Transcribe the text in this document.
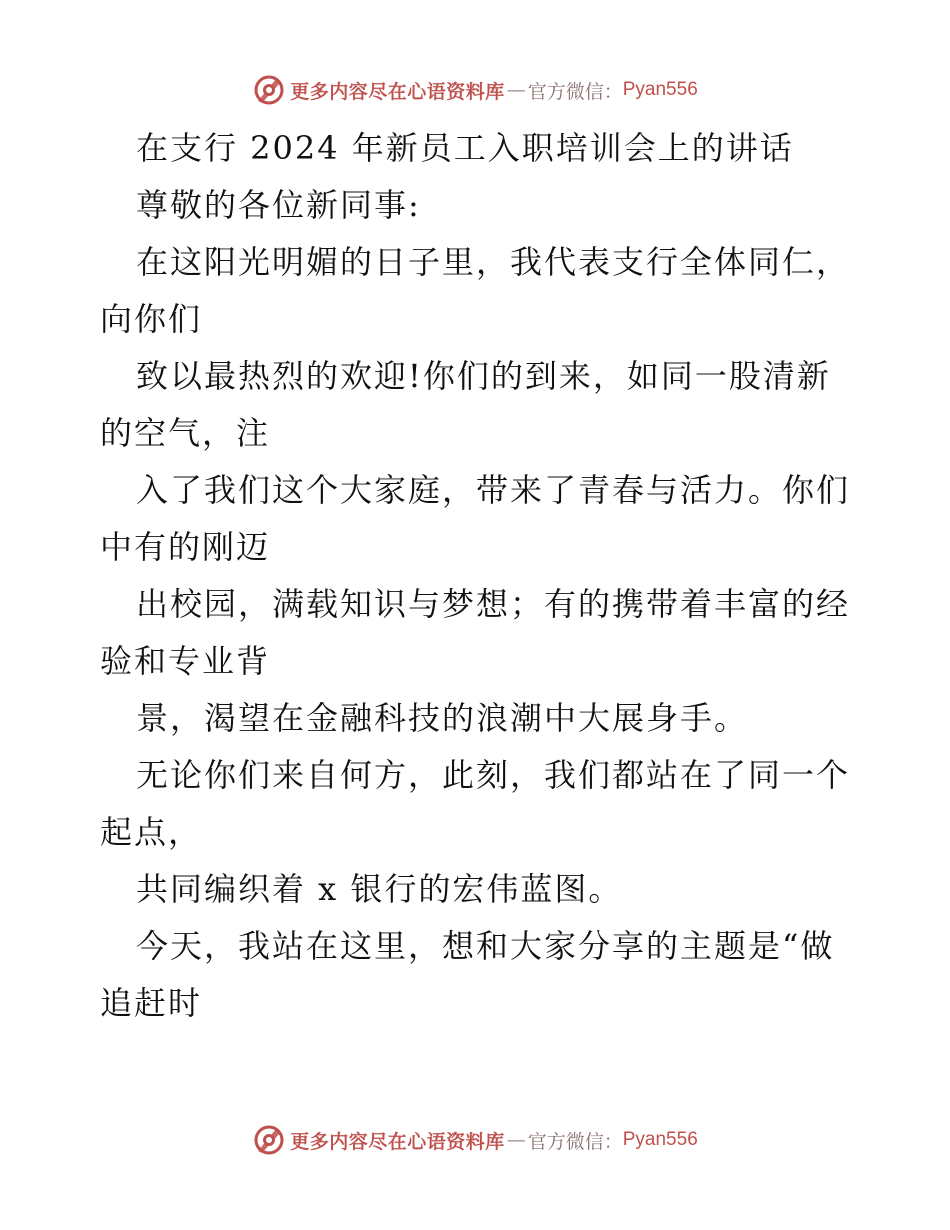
更多内容尽在心语资料库 — 官方微信： Pyan556
在支行 2024 年新员工入职培训会上的讲话
尊敬的各位新同事:
在这阳光明媚的日子里，我代表支行全体同仁，
向你们
致以最热烈的欢迎!你们的到来，如同一股清新
的空气，注
入了我们这个大家庭，带来了青春与活力。你们
中有的刚迈
出校园，满载知识与梦想；有的携带着丰富的经
验和专业背
景，渴望在金融科技的浪潮中大展身手。
无论你们来自何方，此刻，我们都站在了同一个
起点，
共同编织着 x 银行的宏伟蓝图。
今天，我站在这里，想和大家分享的主题是“做
追赶时
更多内容尽在心语资料库 — 官方微信： Pyan556
